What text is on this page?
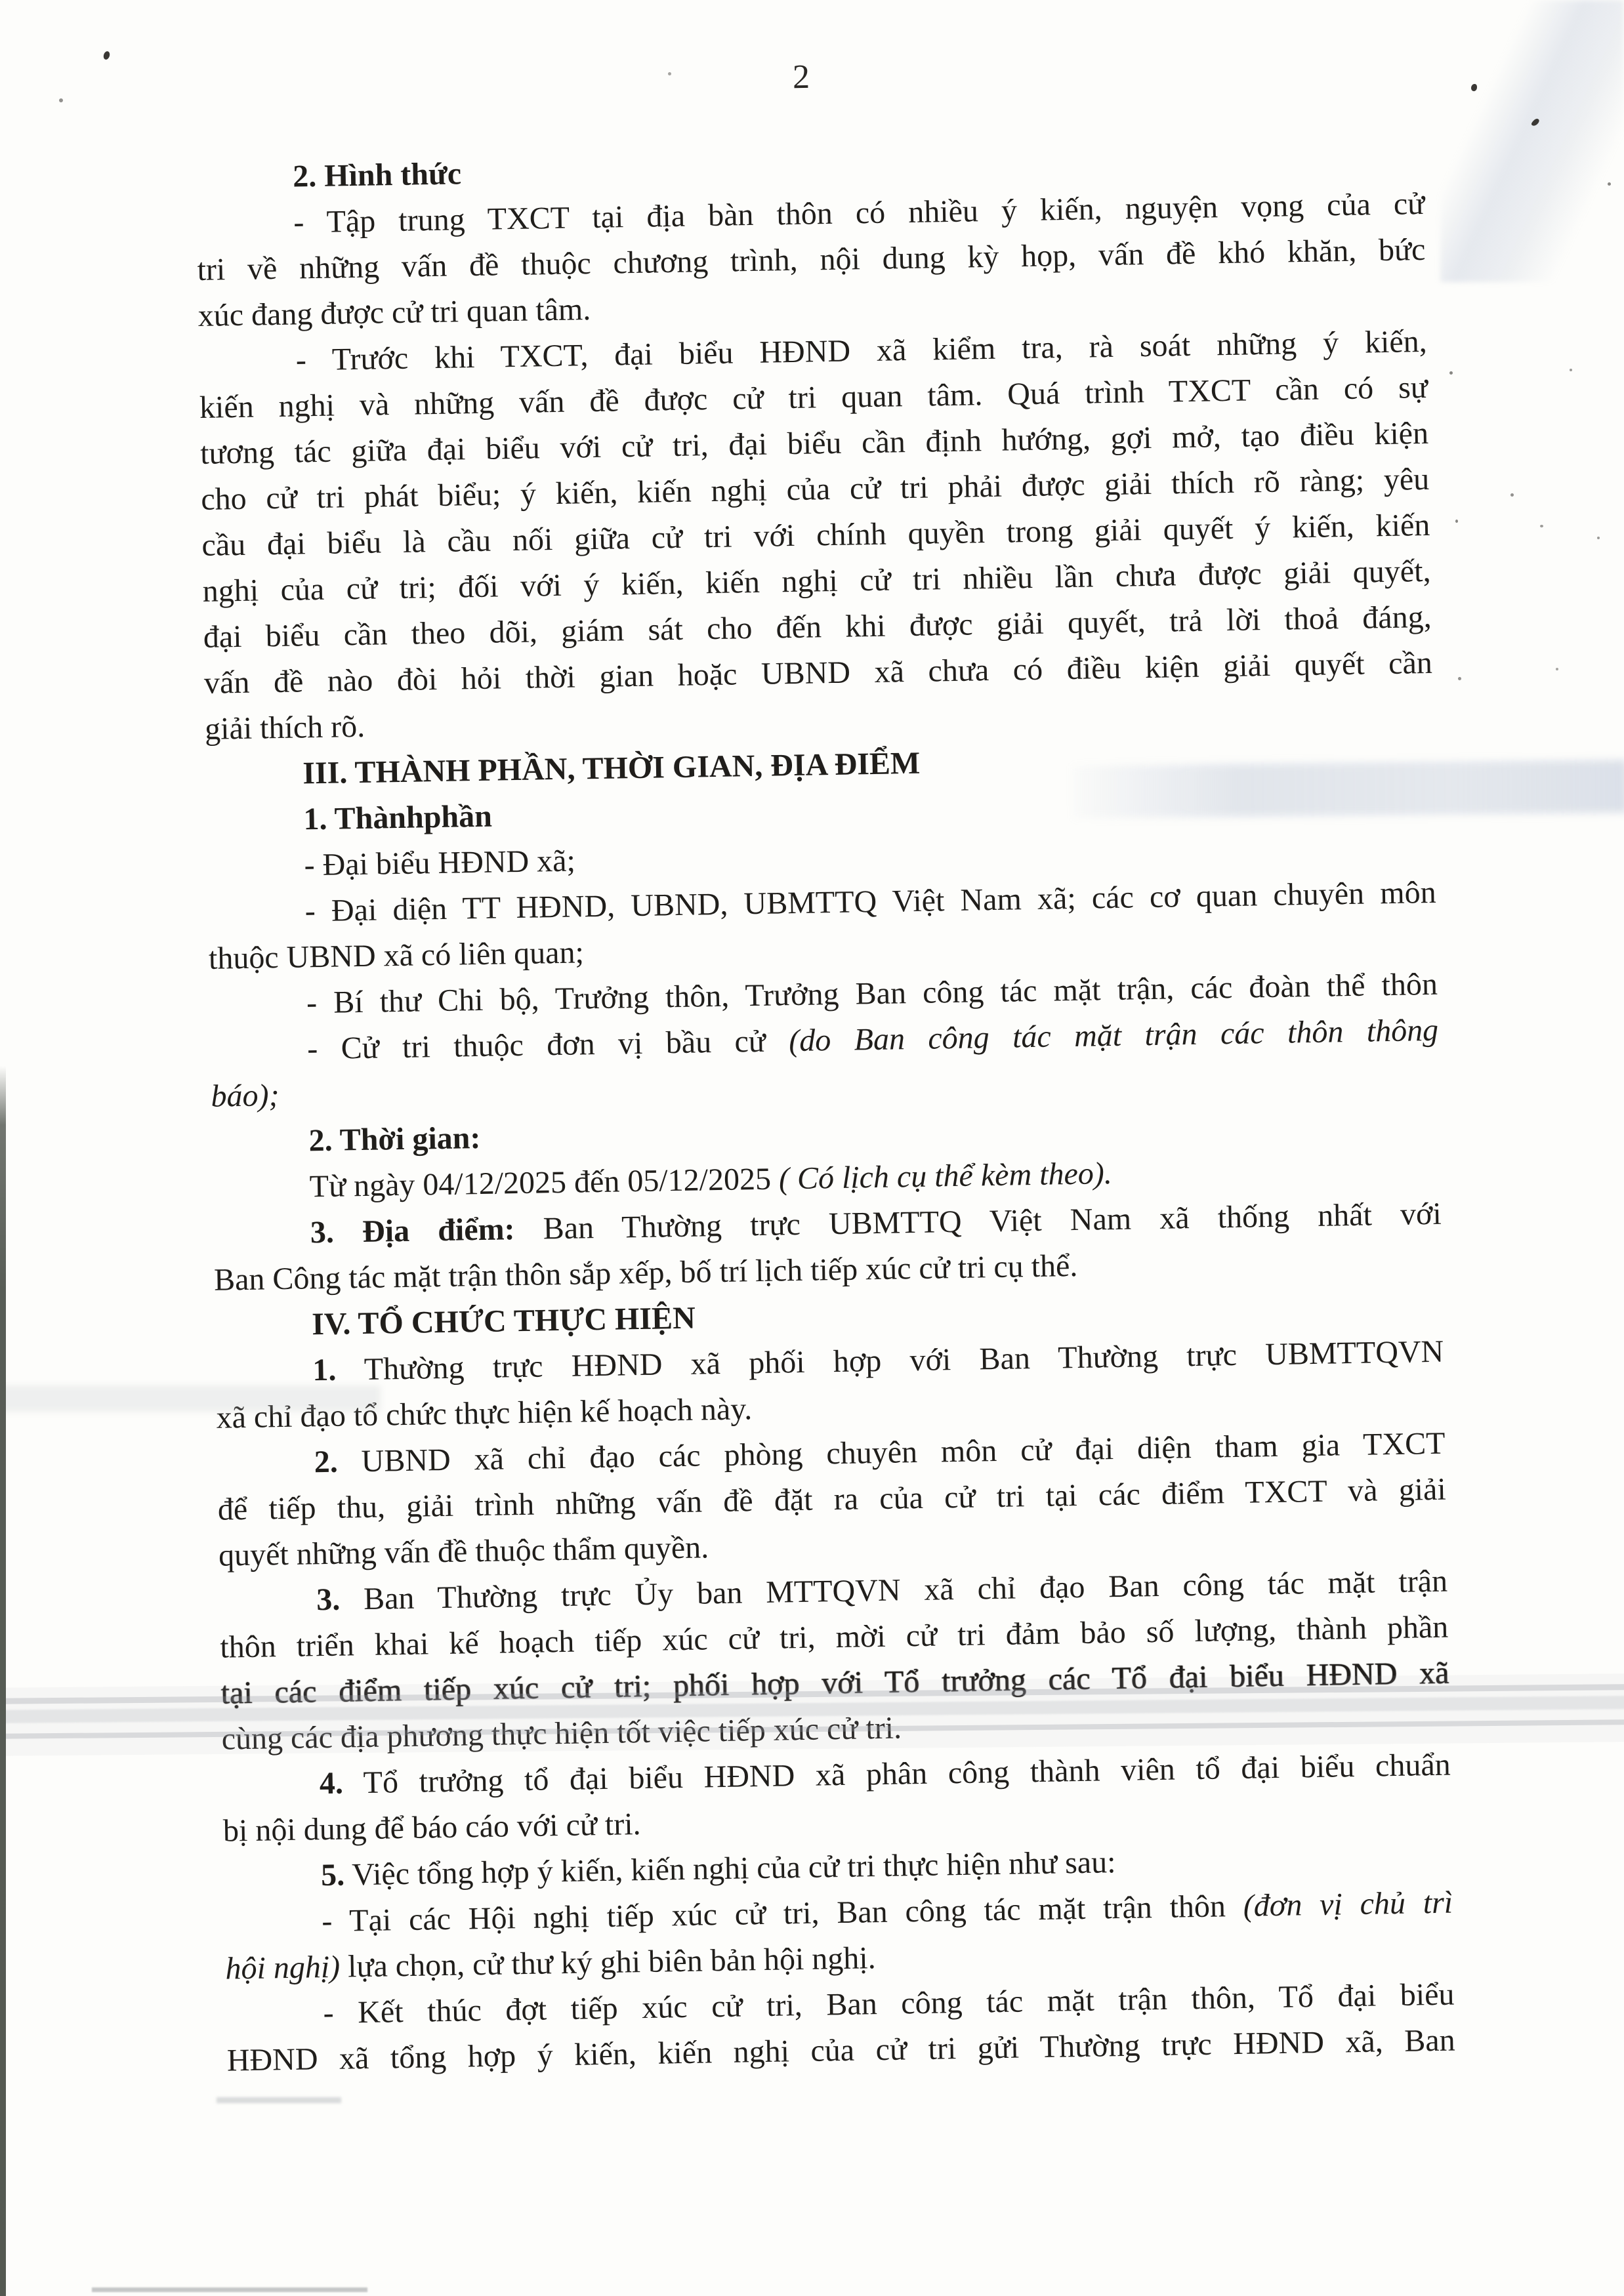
2
2. Hình thức
- Tập trung TXCT tại địa bàn thôn có nhiều ý kiến, nguyện vọng của cử
tri về những vấn đề thuộc chương trình, nội dung kỳ họp, vấn đề khó khăn, bức
xúc đang được cử tri quan tâm.
- Trước khi TXCT, đại biểu HĐND xã kiểm tra, rà soát những ý kiến,
kiến nghị và những vấn đề được cử tri quan tâm. Quá trình TXCT cần có sự
tương tác giữa đại biểu với cử tri, đại biểu cần định hướng, gợi mở, tạo điều kiện
cho cử tri phát biểu; ý kiến, kiến nghị của cử tri phải được giải thích rõ ràng; yêu
cầu đại biểu là cầu nối giữa cử tri với chính quyền trong giải quyết ý kiến, kiến
nghị của cử tri; đối với ý kiến, kiến nghị cử tri nhiều lần chưa được giải quyết,
đại biểu cần theo dõi, giám sát cho đến khi được giải quyết, trả lời thoả đáng,
vấn đề nào đòi hỏi thời gian hoặc UBND xã chưa có điều kiện giải quyết cần
giải thích rõ.
III. THÀNH PHẦN, THỜI GIAN, ĐỊA ĐIỂM
1. Thànhphần
- Đại biểu HĐND xã;
- Đại diện TT HĐND, UBND, UBMTTQ Việt Nam xã; các cơ quan chuyên môn
thuộc UBND xã có liên quan;
- Bí thư Chi bộ, Trưởng thôn, Trưởng Ban công tác mặt trận, các đoàn thể thôn
- Cử tri thuộc đơn vị bầu cử (do Ban công tác mặt trận các thôn thông
báo);
2. Thời gian:
Từ ngày 04/12/2025 đến 05/12/2025 ( Có lịch cụ thể kèm theo).
3. Địa điểm: Ban Thường trực UBMTTQ Việt Nam xã thống nhất với
Ban Công tác mặt trận thôn sắp xếp, bố trí lịch tiếp xúc cử tri cụ thể.
IV. TỔ CHỨC THỰC HIỆN
1. Thường trực HĐND xã phối hợp với Ban Thường trực UBMTTQVN
xã chỉ đạo tổ chức thực hiện kế hoạch này.
2. UBND xã chỉ đạo các phòng chuyên môn cử đại diện tham gia TXCT
để tiếp thu, giải trình những vấn đề đặt ra của cử tri tại các điểm TXCT và giải
quyết những vấn đề thuộc thẩm quyền.
3. Ban Thường trực Ủy ban MTTQVN xã chỉ đạo Ban công tác mặt trận
thôn triển khai kế hoạch tiếp xúc cử tri, mời cử tri đảm bảo số lượng, thành phần
tại các điểm tiếp xúc cử tri; phối hợp với Tổ trưởng các Tổ đại biểu HĐND xã
cùng các địa phương thực hiện tốt việc tiếp xúc cử tri.
4. Tổ trưởng tổ đại biểu HĐND xã phân công thành viên tổ đại biểu chuẩn
bị nội dung để báo cáo với cử tri.
5. Việc tổng hợp ý kiến, kiến nghị của cử tri thực hiện như sau:
- Tại các Hội nghị tiếp xúc cử tri, Ban công tác mặt trận thôn (đơn vị chủ trì
hội nghị) lựa chọn, cử thư ký ghi biên bản hội nghị.
- Kết thúc đợt tiếp xúc cử tri, Ban công tác mặt trận thôn, Tổ đại biểu
HĐND xã tổng hợp ý kiến, kiến nghị của cử tri gửi Thường trực HĐND xã, Ban
